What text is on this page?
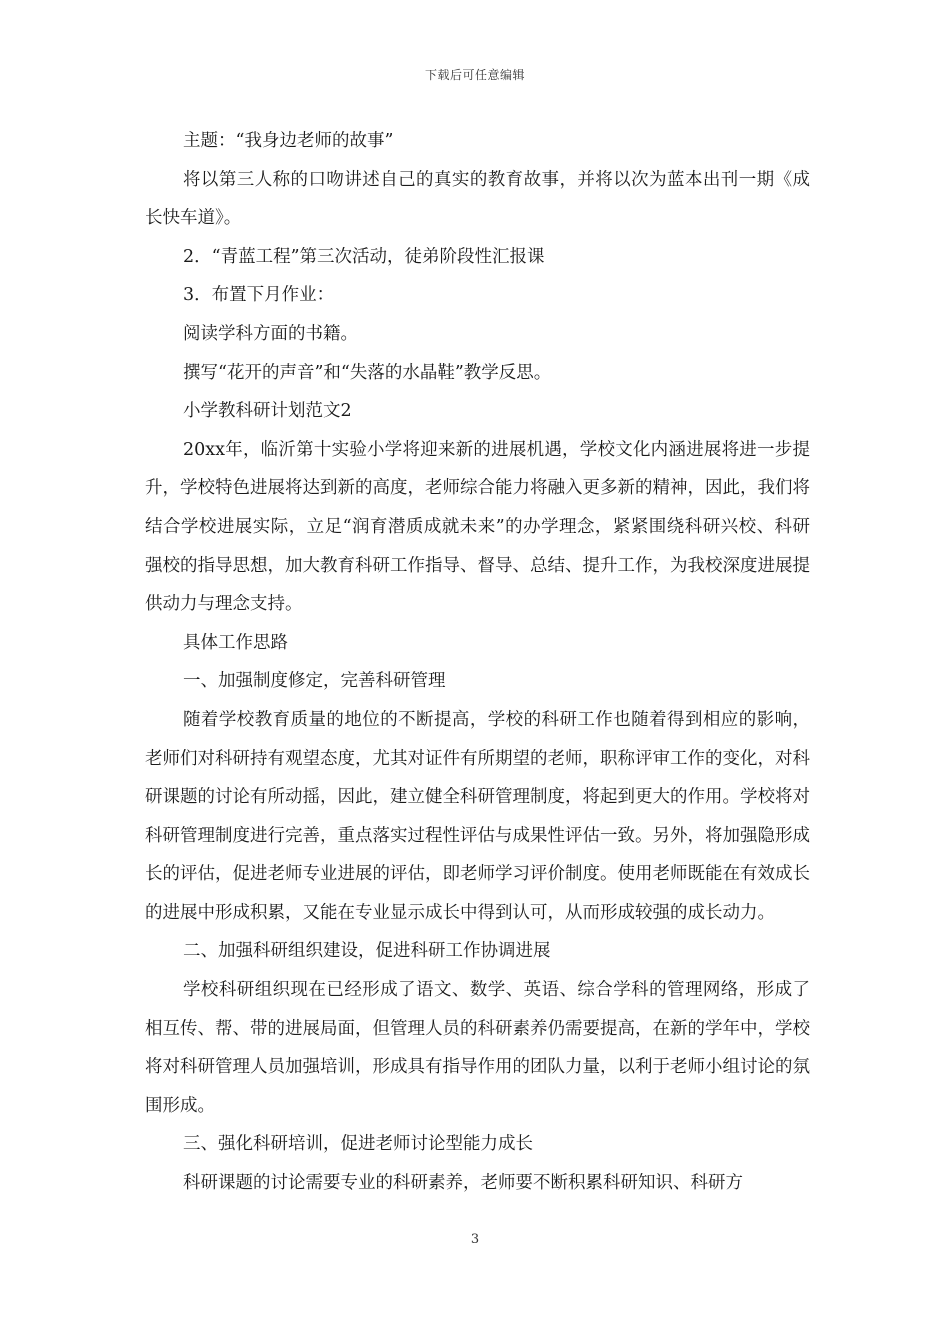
下载后可任意编辑

主题：“我身边老师的故事”

将以第三人称的口吻讲述自己的真实的教育故事，并将以次为蓝本出刊一期《成长快车道》。

2．“青蓝工程”第三次活动，徒弟阶段性汇报课

3．布置下月作业：

阅读学科方面的书籍。

撰写“花开的声音”和“失落的水晶鞋”教学反思。

小学教科研计划范文2

20xx年，临沂第十实验小学将迎来新的进展机遇，学校文化内涵进展将进一步提升，学校特色进展将达到新的高度，老师综合能力将融入更多新的精神，因此，我们将结合学校进展实际，立足“润育潜质成就未来”的办学理念，紧紧围绕科研兴校、科研强校的指导思想，加大教育科研工作指导、督导、总结、提升工作，为我校深度进展提供动力与理念支持。

具体工作思路

一、加强制度修定，完善科研管理

随着学校教育质量的地位的不断提高，学校的科研工作也随着得到相应的影响，老师们对科研持有观望态度，尤其对证件有所期望的老师，职称评审工作的变化，对科研课题的讨论有所动摇，因此，建立健全科研管理制度，将起到更大的作用。学校将对科研管理制度进行完善，重点落实过程性评估与成果性评估一致。另外，将加强隐形成长的评估，促进老师专业进展的评估，即老师学习评价制度。使用老师既能在有效成长的进展中形成积累，又能在专业显示成长中得到认可，从而形成较强的成长动力。

二、加强科研组织建设，促进科研工作协调进展

学校科研组织现在已经形成了语文、数学、英语、综合学科的管理网络，形成了相互传、帮、带的进展局面，但管理人员的科研素养仍需要提高，在新的学年中，学校将对科研管理人员加强培训，形成具有指导作用的团队力量，以利于老师小组讨论的氛围形成。

三、强化科研培训，促进老师讨论型能力成长

科研课题的讨论需要专业的科研素养，老师要不断积累科研知识、科研方

3
